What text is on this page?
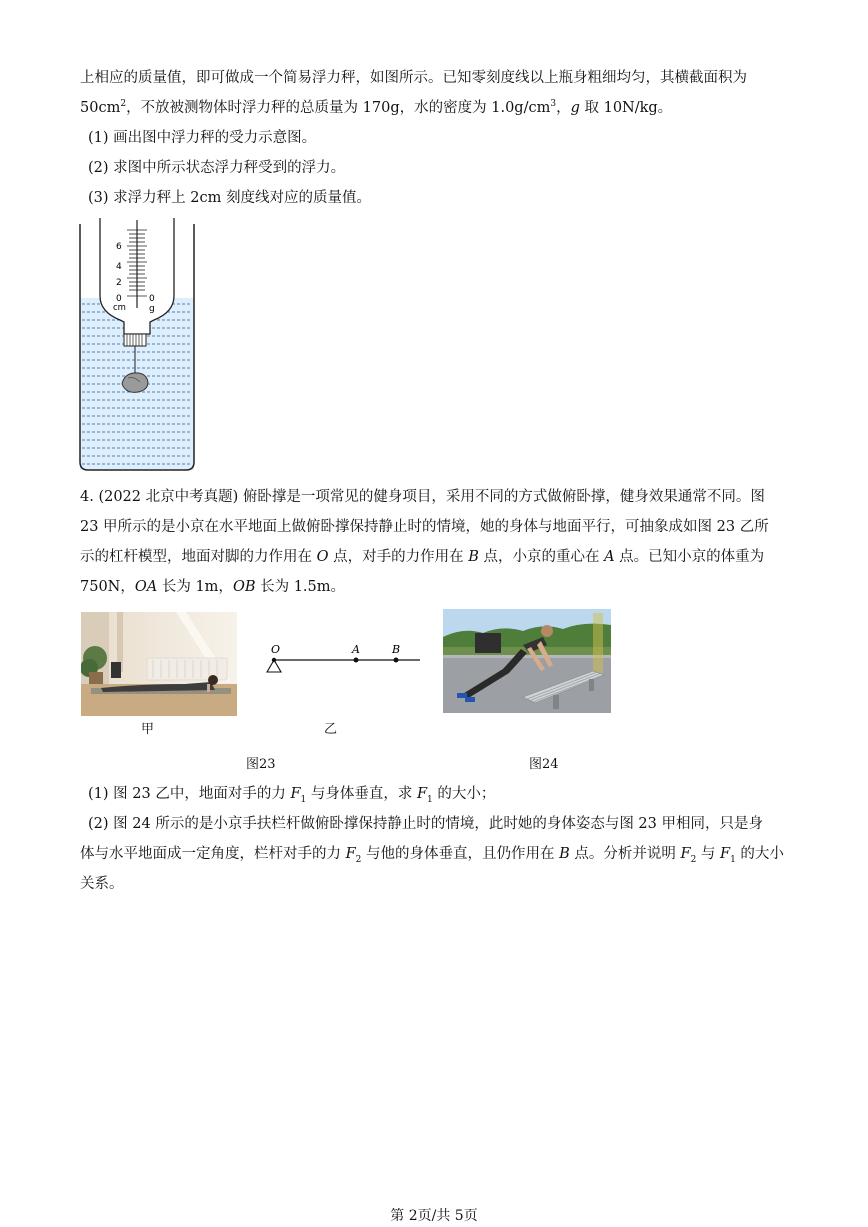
上相应的质量值，即可做成一个简易浮力秤，如图所示。已知零刻度线以上瓶身粗细均匀，其横截面积为
$50cm^2$，不放被测物体时浮力秤的总质量为 170g，水的密度为 $1.0g/cm^3$，g 取 10N/kg。
(1) 画出图中浮力秤的受力示意图。
(2) 求图中所示状态浮力秤受到的浮力。
(3) 求浮力秤上 2cm 刻度线对应的质量值。
6
4
2
0
cm
0
g
4. (2022 北京中考真题) 俯卧撑是一项常见的健身项目，采用不同的方式做俯卧撑，健身效果通常不同。图
23 甲所示的是小京在水平地面上做俯卧撑保持静止时的情境，她的身体与地面平行，可抽象成如图 23 乙所
示的杠杆模型，地面对脚的力作用在 O 点，对手的力作用在 B 点，小京的重心在 A 点。已知小京的体重为
750N，OA 长为 1m，OB 长为 1.5m。
O	A	B
甲	乙
图23	图24
(1) 图 23 乙中，地面对手的力 $F_1$ 与身体垂直，求 $F_1$ 的大小；
(2) 图 24 所示的是小京手扶栏杆做俯卧撑保持静止时的情境，此时她的身体姿态与图 23 甲相同，只是身
体与水平地面成一定角度，栏杆对手的力 $F_2$ 与他的身体垂直，且仍作用在 B 点。分析并说明 $F_2$ 与 $F_1$ 的大小
关系。
第 2页/共 5页
